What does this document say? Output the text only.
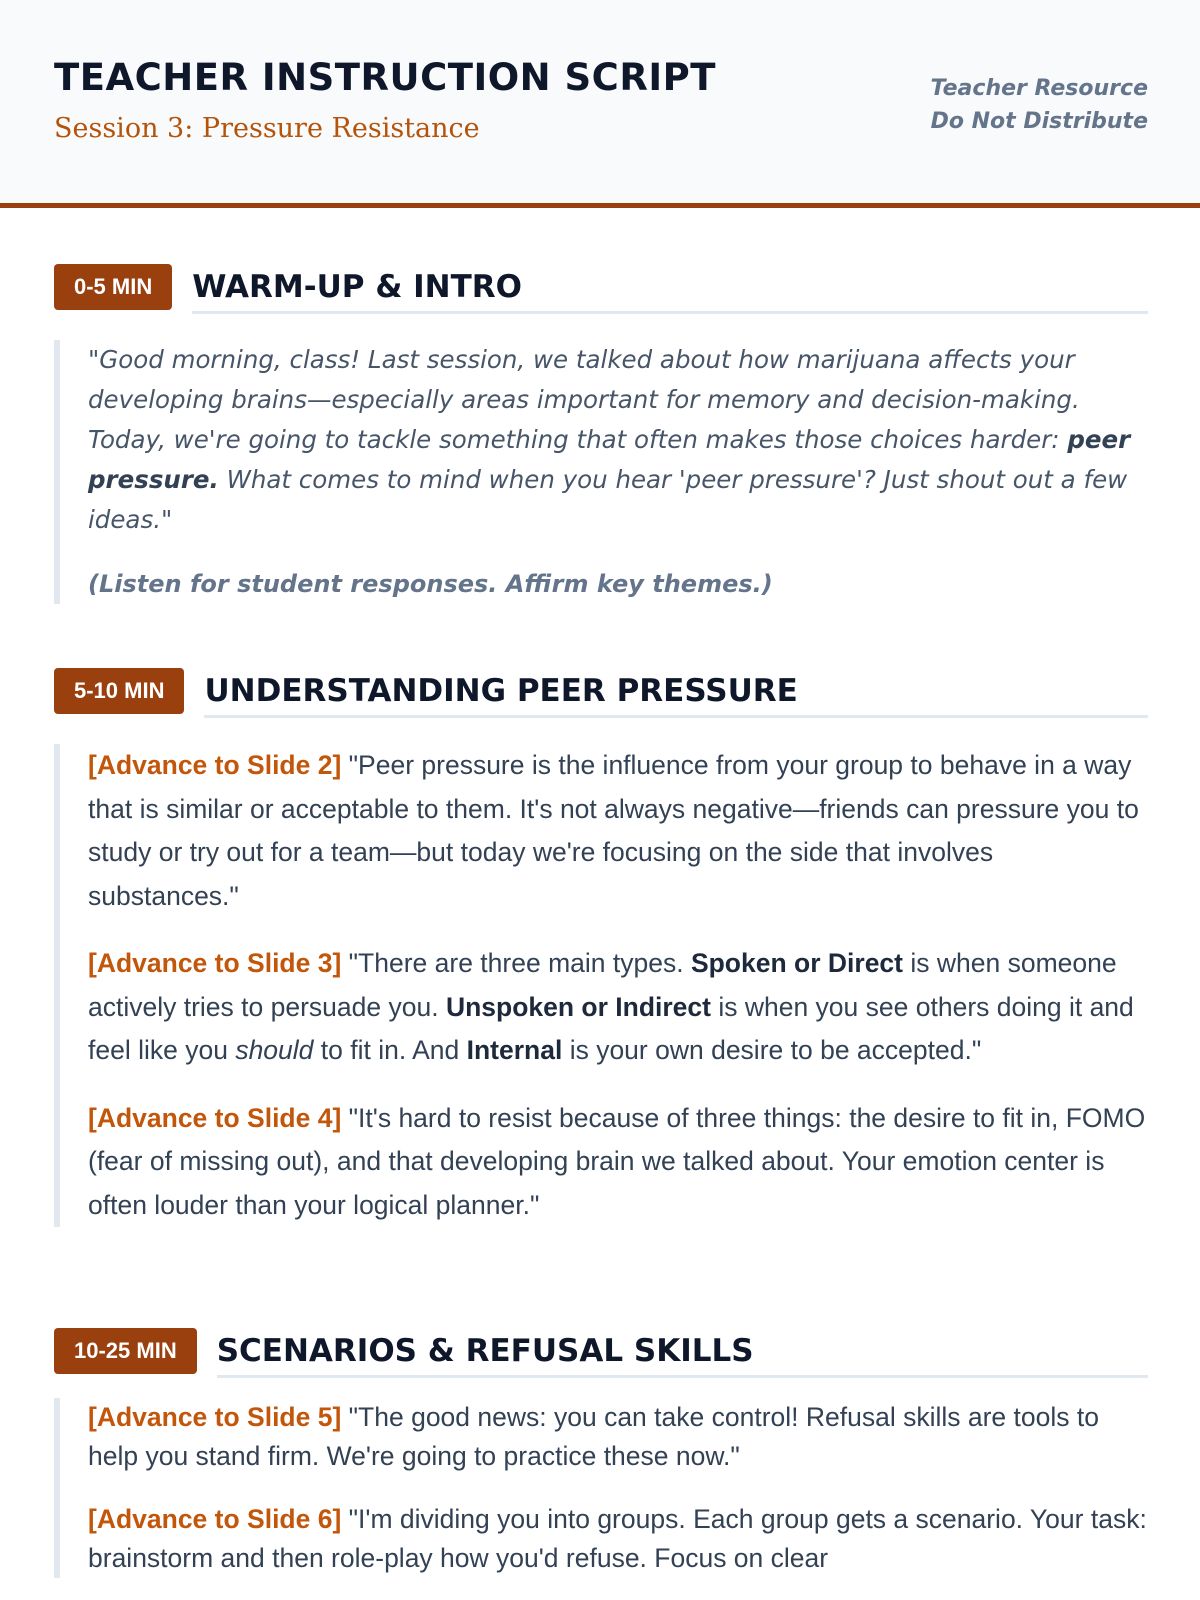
TEACHER INSTRUCTION SCRIPT

Session 3: Pressure Resistance

Teacher Resource
Do Not Distribute
0-5 MIN	WARM-UP & INTRO

"Good morning, class! Last session, we talked about how marijuana affects your developing brains—especially areas important for memory and decision-making. Today, we're going to tackle something that often makes those choices harder: peer pressure. What comes to mind when you hear 'peer pressure'? Just shout out a few ideas."

(Listen for student responses. Affirm key themes.)

5-10 MIN	UNDERSTANDING PEER PRESSURE

[Advance to Slide 2] "Peer pressure is the influence from your group to behave in a way that is similar or acceptable to them. It's not always negative—friends can pressure you to study or try out for a team—but today we're focusing on the side that involves substances."

[Advance to Slide 3] "There are three main types. Spoken or Direct is when someone actively tries to persuade you. Unspoken or Indirect is when you see others doing it and feel like you should to fit in. And Internal is your own desire to be accepted."

[Advance to Slide 4] "It's hard to resist because of three things: the desire to fit in, FOMO (fear of missing out), and that developing brain we talked about. Your emotion center is often louder than your logical planner."

10-25 MIN	SCENARIOS & REFUSAL SKILLS

[Advance to Slide 5] "The good news: you can take control! Refusal skills are tools to help you stand firm. We're going to practice these now."

[Advance to Slide 6] "I'm dividing you into groups. Each group gets a scenario. Your task: brainstorm and then role-play how you'd refuse. Focus on clear
